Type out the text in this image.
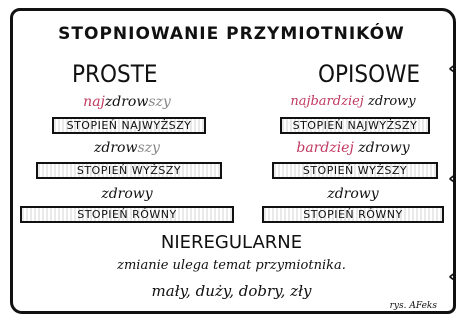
‹
‹
‹
STOPNIOWANIE PRZYMIOTNIKÓW
PROSTE	OPISOWE
najzdrowszy
STOPIEŃ NAJWYŻSZY
zdrowszy
STOPIEŃ WYŻSZY
zdrowy
STOPIEŃ RÓWNY
najbardziej zdrowy
STOPIEŃ NAJWYŻSZY
bardziej zdrowy
STOPIEŃ WYŻSZY
zdrowy
STOPIEŃ RÓWNY
NIEREGULARNE
zmianie ulega temat przymiotnika.
mały, duży, dobry, zły
rys. AFeks
